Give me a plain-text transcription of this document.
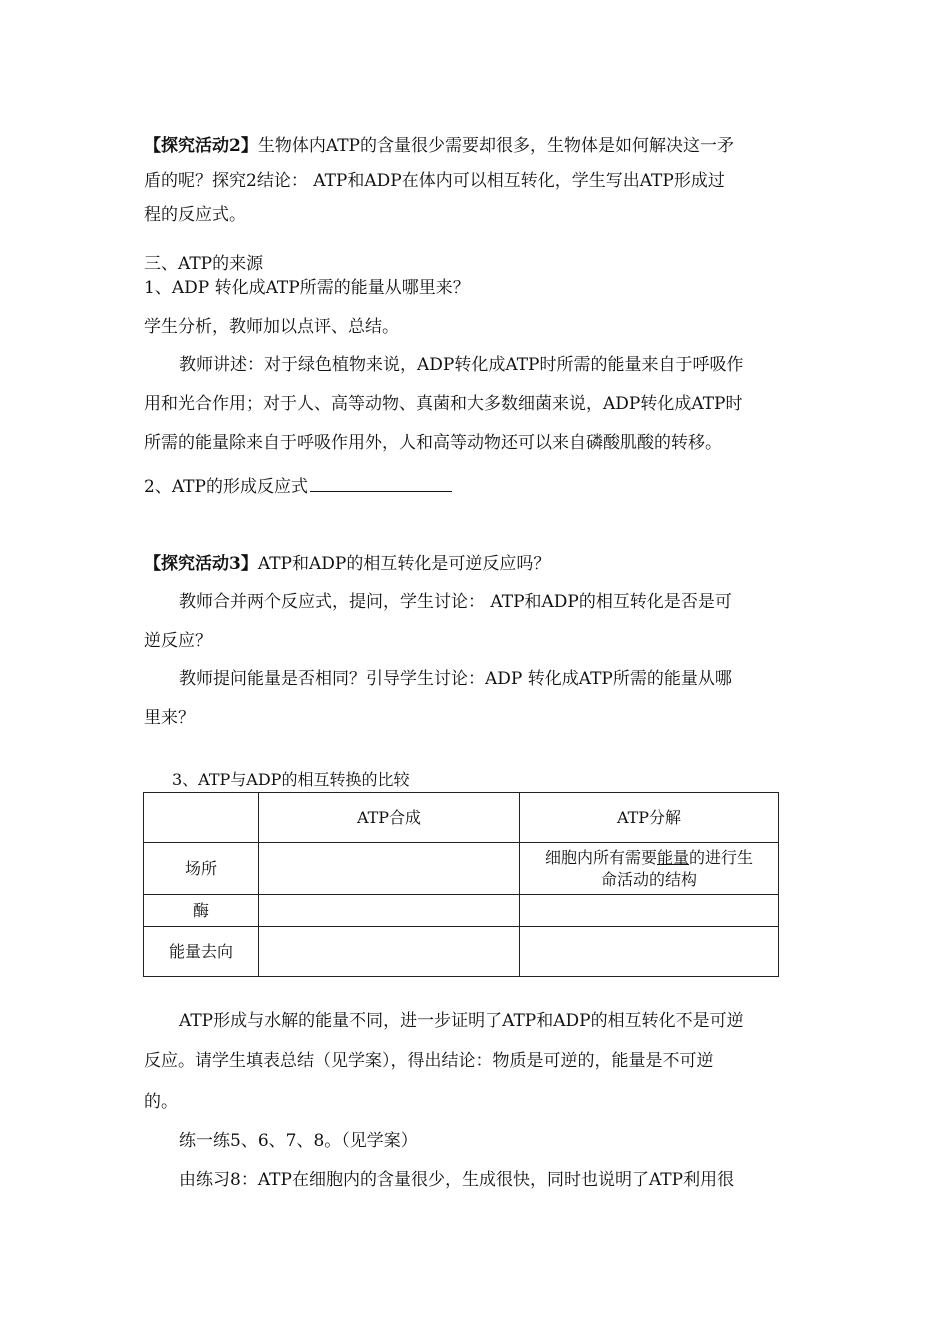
【探究活动2】生物体内ATP的含量很少需要却很多，生物体是如何解决这一矛
盾的呢？探究2结论： ATP和ADP在体内可以相互转化，学生写出ATP形成过
程的反应式。
三、ATP的来源
1、ADP 转化成ATP所需的能量从哪里来？
学生分析，教师加以点评、总结。
教师讲述：对于绿色植物来说，ADP转化成ATP时所需的能量来自于呼吸作
用和光合作用；对于人、高等动物、真菌和大多数细菌来说，ADP转化成ATP时
所需的能量除来自于呼吸作用外，人和高等动物还可以来自磷酸肌酸的转移。
2、ATP的形成反应式
【探究活动3】ATP和ADP的相互转化是可逆反应吗？
教师合并两个反应式，提问，学生讨论： ATP和ADP的相互转化是否是可
逆反应？
教师提问能量是否相同？引导学生讨论：ADP 转化成ATP所需的能量从哪
里来？
3、ATP与ADP的相互转换的比较
	ATP合成	ATP分解
场所		细胞内所有需要能量的进行生
命活动的结构
酶		
能量去向		
ATP形成与水解的能量不同，进一步证明了ATP和ADP的相互转化不是可逆
反应。请学生填表总结（见学案），得出结论：物质是可逆的，能量是不可逆
的。
练一练5、6、7、8。（见学案）
由练习8：ATP在细胞内的含量很少，生成很快，同时也说明了ATP利用很
